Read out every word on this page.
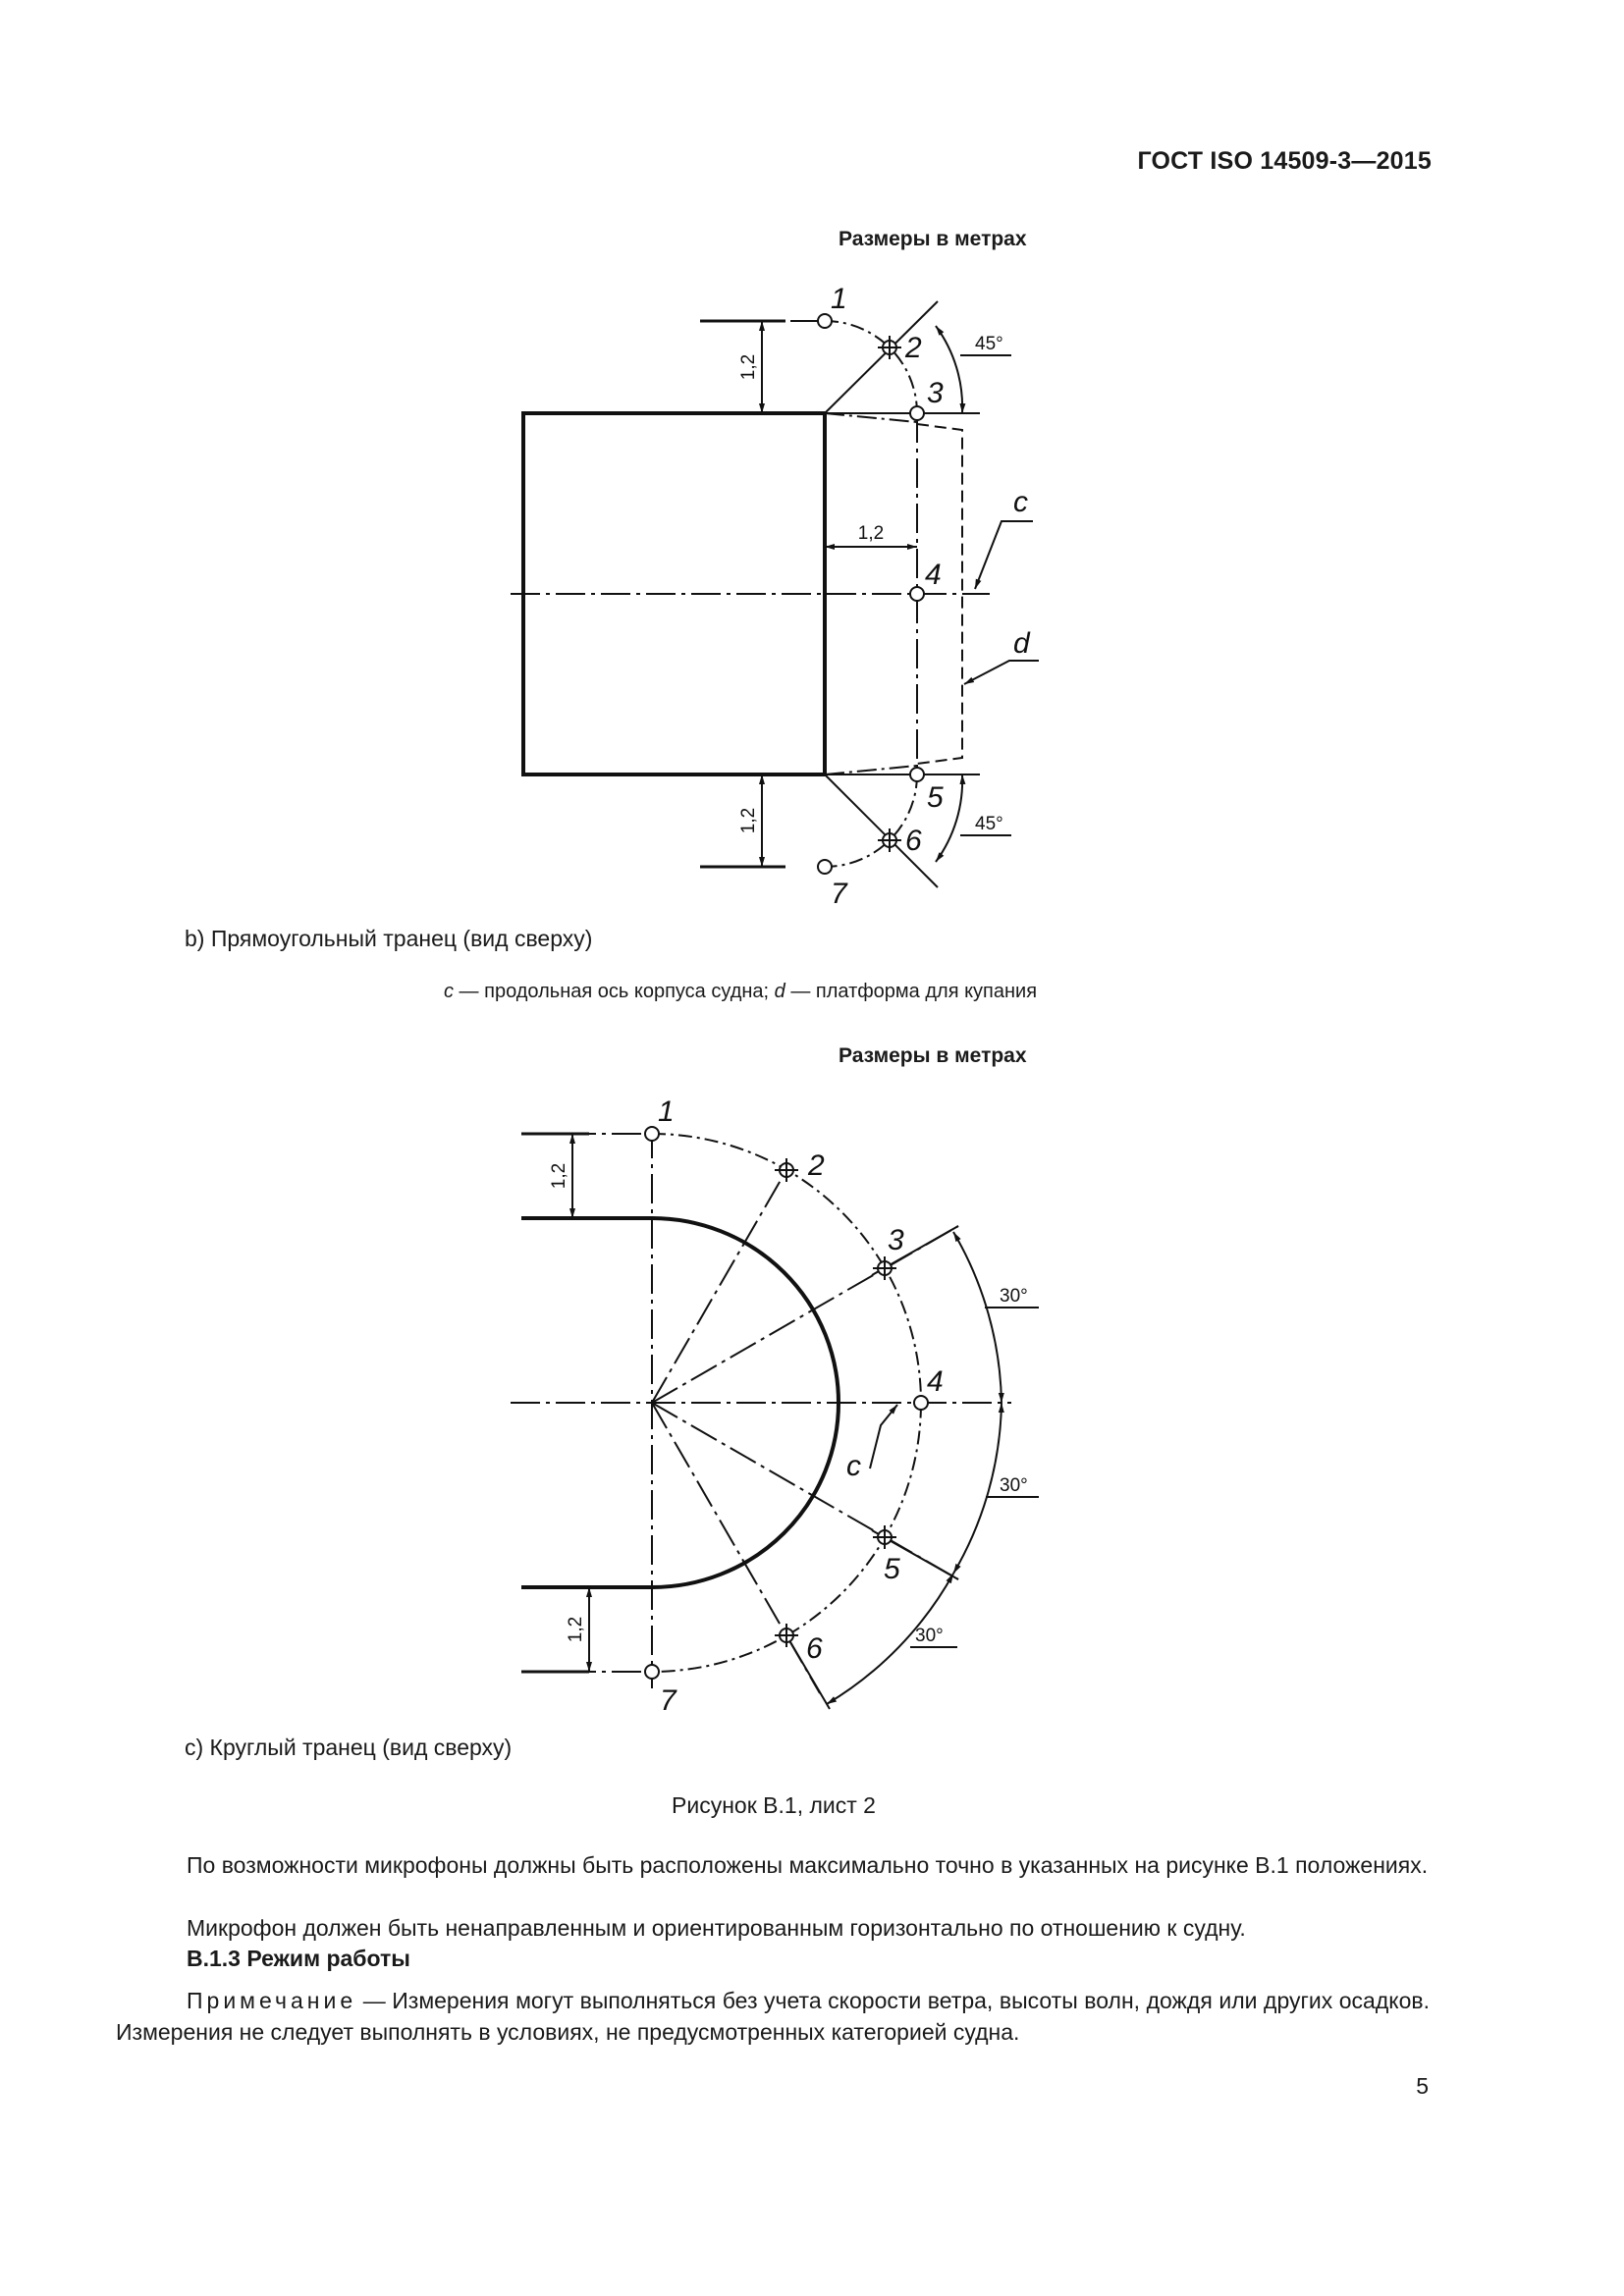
ГОСТ ISO 14509-3—2015
Размеры в метрах
1
2
3
4
5
6
7
c
d
1,2
1,2
1,2
45°
45°
b) Прямоугольный транец (вид сверху)
c — продольная ось корпуса судна; d — платформа для купания
Размеры в метрах
1
2
3
4
5
6
7
c
1,2
1,2
30°
30°
30°
c) Круглый транец (вид сверху)
Рисунок В.1, лист 2

По возможности микрофоны должны быть расположены максимально точно в указанных на рисунке В.1 положениях.

Микрофон должен быть ненаправленным и ориентированным горизонтально по отношению к судну.

В.1.3 Режим работы

Примечание — Измерения могут выполняться без учета скорости ветра, высоты волн, дождя или других осадков. Измерения не следует выполнять в условиях, не предусмотренных категорией судна.

5
